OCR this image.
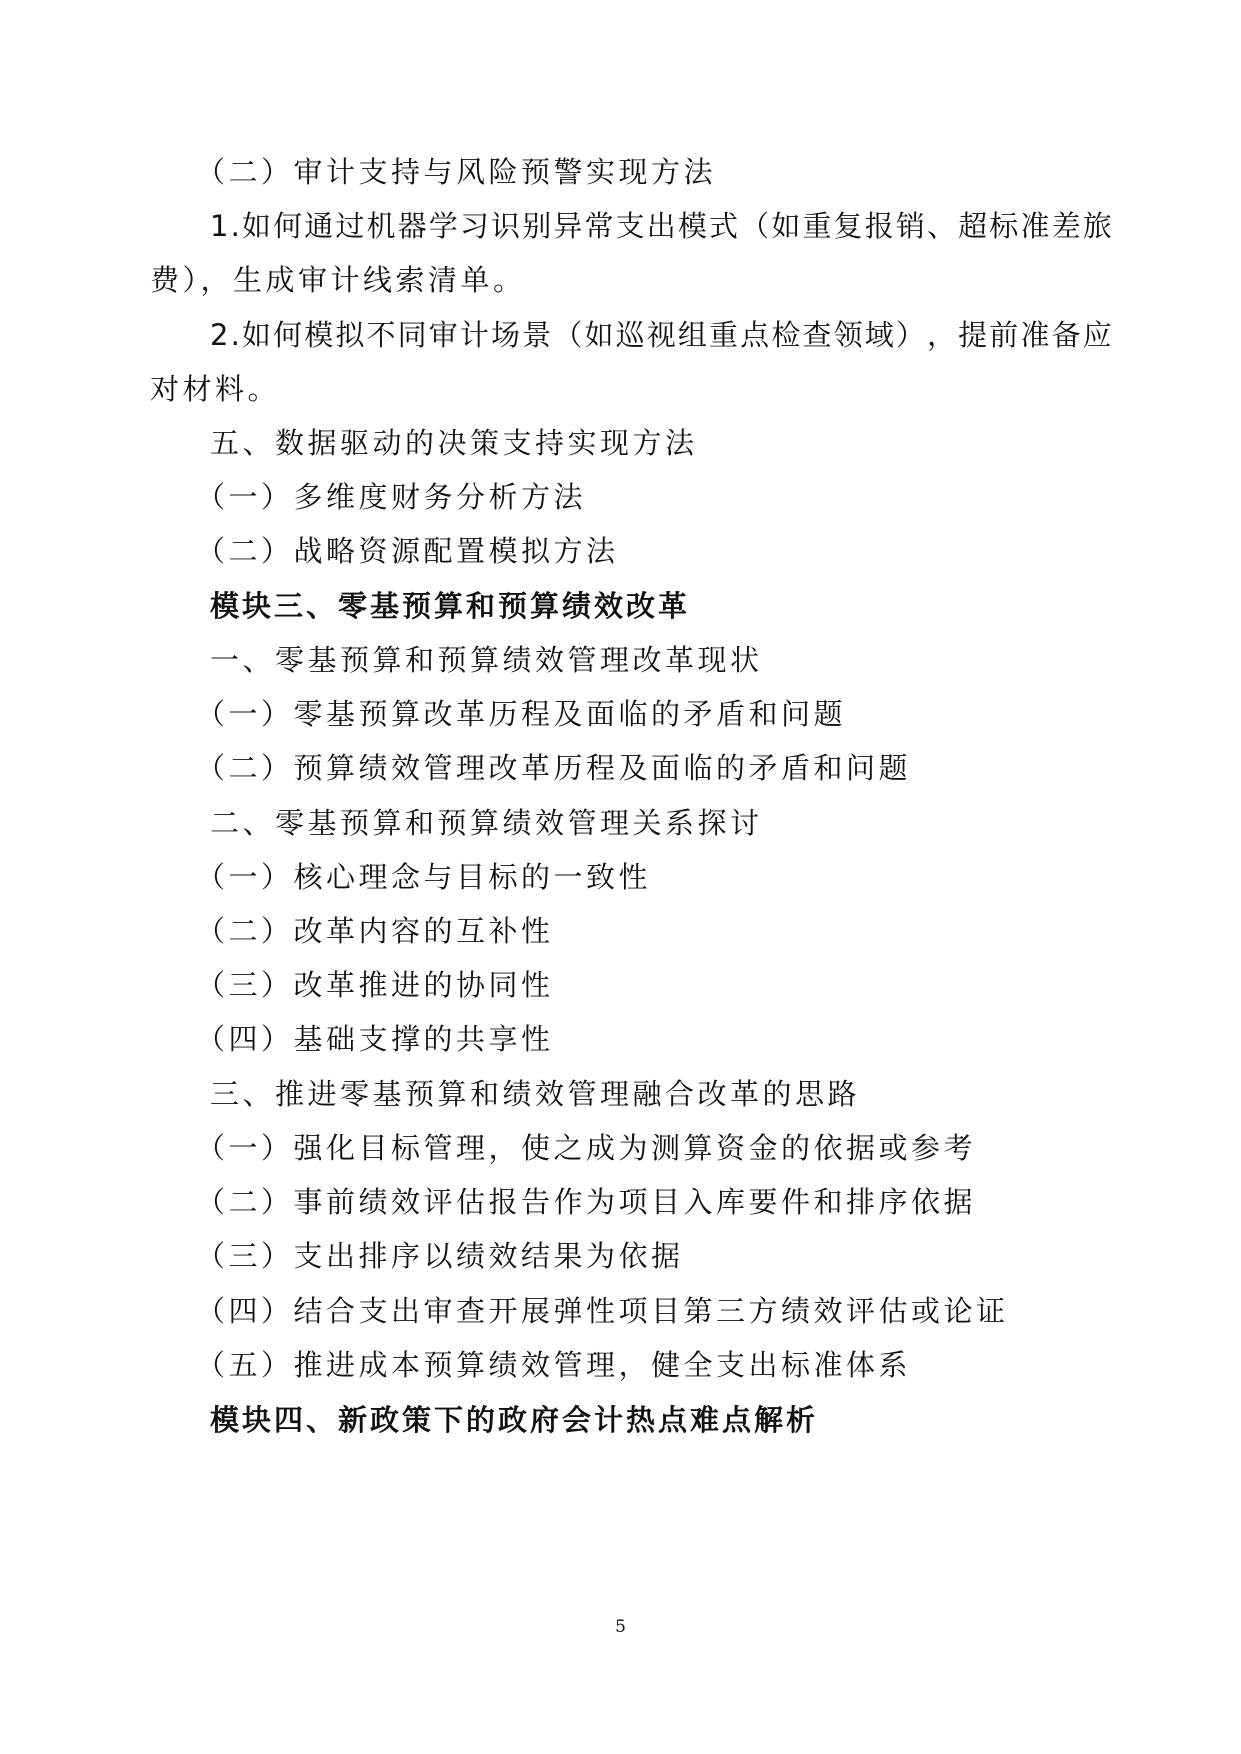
（二）审计支持与风险预警实现方法
1 . 如 何 通 过 机 器 学 习 识 别 异 常 支 出 模 式 （ 如 重 复 报 销 、 超 标 准 差 旅
费），生成审计线索清单。
2 . 如 何 模 拟 不 同 审 计 场 景 （ 如 巡 视 组 重 点 检 查 领 域 ） ， 提 前 准 备 应
对材料。
五、数据驱动的决策支持实现方法
（一）多维度财务分析方法
（二）战略资源配置模拟方法
模块三、零基预算和预算绩效改革
一、零基预算和预算绩效管理改革现状
（一）零基预算改革历程及面临的矛盾和问题
（二）预算绩效管理改革历程及面临的矛盾和问题
二、零基预算和预算绩效管理关系探讨
（一）核心理念与目标的一致性
（二）改革内容的互补性
（三）改革推进的协同性
（四）基础支撑的共享性
三、推进零基预算和绩效管理融合改革的思路
（一）强化目标管理，使之成为测算资金的依据或参考
（二）事前绩效评估报告作为项目入库要件和排序依据
（三）支出排序以绩效结果为依据
（四）结合支出审查开展弹性项目第三方绩效评估或论证
（五）推进成本预算绩效管理，健全支出标准体系
模块四、新政策下的政府会计热点难点解析
5
